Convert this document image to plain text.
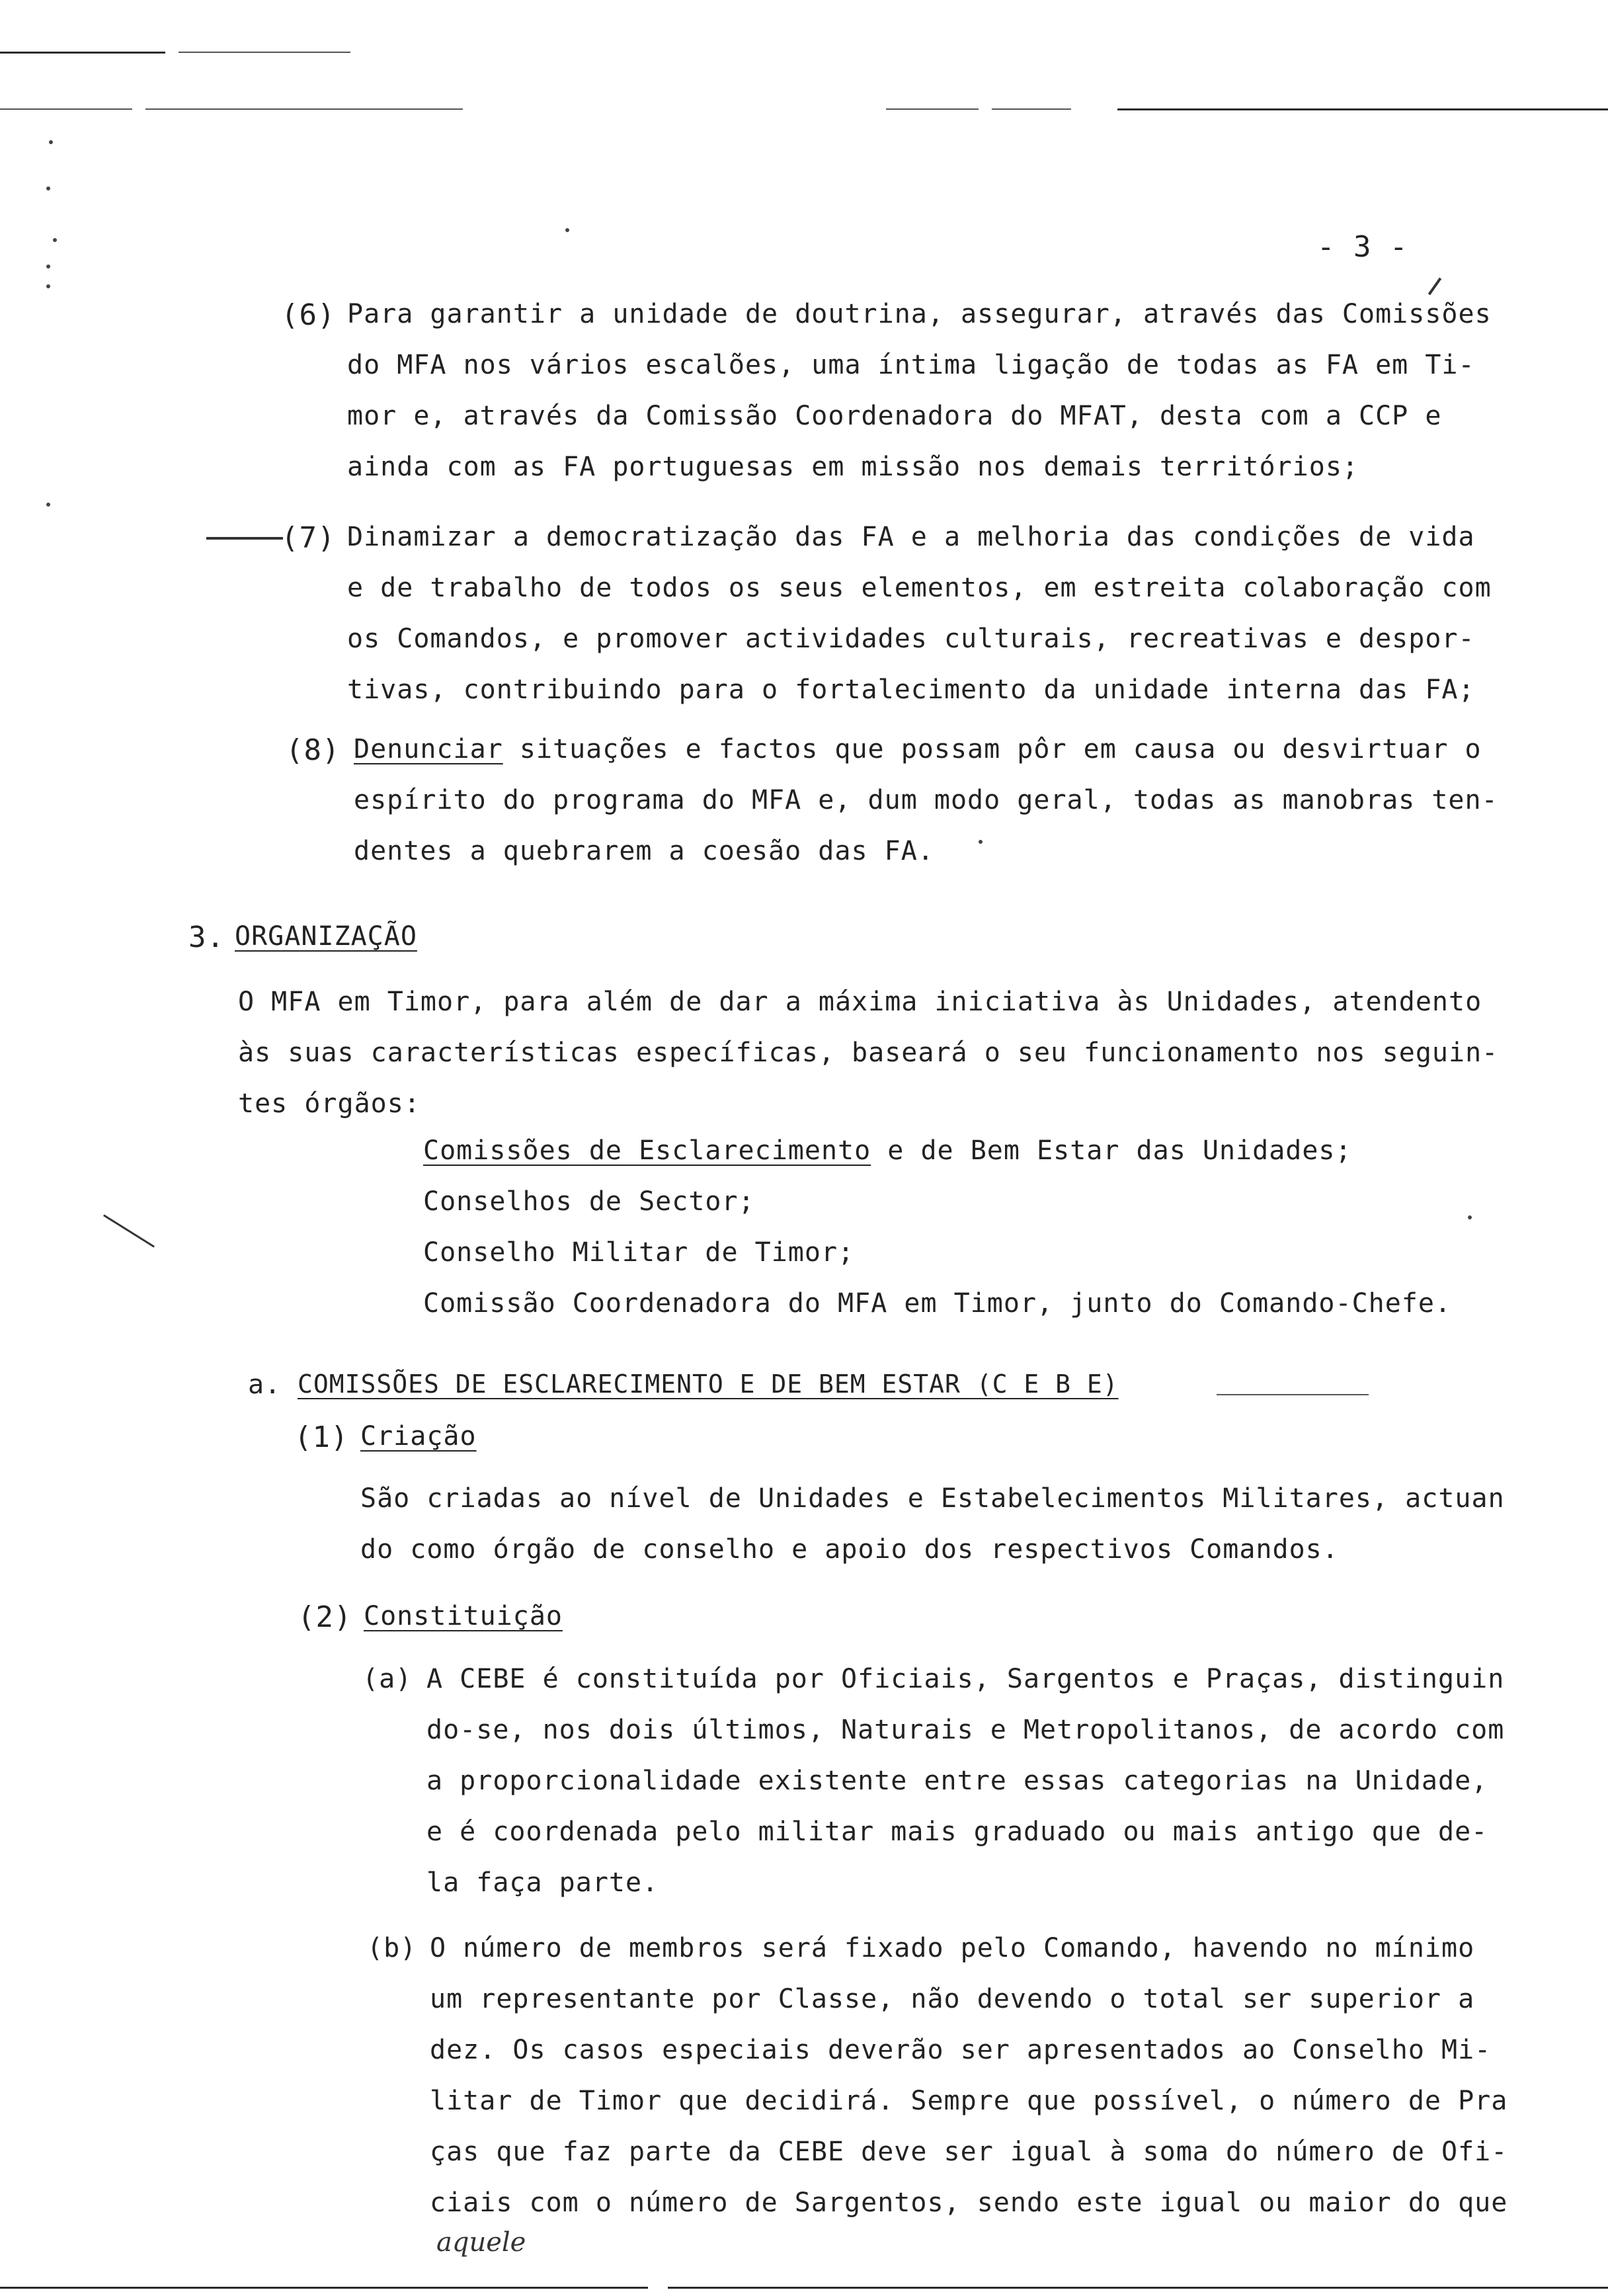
- 3 -
(6) Para garantir a unidade de doutrina, assegurar, através das Comissões
do MFA nos vários escalões, uma íntima ligação de todas as FA em Ti-
mor e, através da Comissão Coordenadora do MFAT, desta com a CCP e
ainda com as FA portuguesas em missão nos demais territórios;
(7) Dinamizar a democratização das FA e a melhoria das condições de vida
e de trabalho de todos os seus elementos, em estreita colaboração com
os Comandos, e promover actividades culturais, recreativas e despor-
tivas, contribuindo para o fortalecimento da unidade interna das FA;
(8) Denunciar situações e factos que possam pôr em causa ou desvirtuar o
espírito do programa do MFA e, dum modo geral, todas as manobras ten-
dentes a quebrarem a coesão das FA.
3. ORGANIZAÇÃO
O MFA em Timor, para além de dar a máxima iniciativa às Unidades, atendento
às suas características específicas, baseará o seu funcionamento nos seguin-
tes órgãos:
Comissões de Esclarecimento e de Bem Estar das Unidades;
Conselhos de Sector;
Conselho Militar de Timor;
Comissão Coordenadora do MFA em Timor, junto do Comando-Chefe.
a. COMISSÕES DE ESCLARECIMENTO E DE BEM ESTAR (C E B E)
(1) Criação
São criadas ao nível de Unidades e Estabelecimentos Militares, actuan
do como órgão de conselho e apoio dos respectivos Comandos.
(2) Constituição
(a) A CEBE é constituída por Oficiais, Sargentos e Praças, distinguin
do-se, nos dois últimos, Naturais e Metropolitanos, de acordo com
a proporcionalidade existente entre essas categorias na Unidade,
e é coordenada pelo militar mais graduado ou mais antigo que de-
la faça parte.
(b) O número de membros será fixado pelo Comando, havendo no mínimo
um representante por Classe, não devendo o total ser superior a
dez. Os casos especiais deverão ser apresentados ao Conselho Mi-
litar de Timor que decidirá. Sempre que possível, o número de Pra
ças que faz parte da CEBE deve ser igual à soma do número de Ofi-
ciais com o número de Sargentos, sendo este igual ou maior do que
aquele
